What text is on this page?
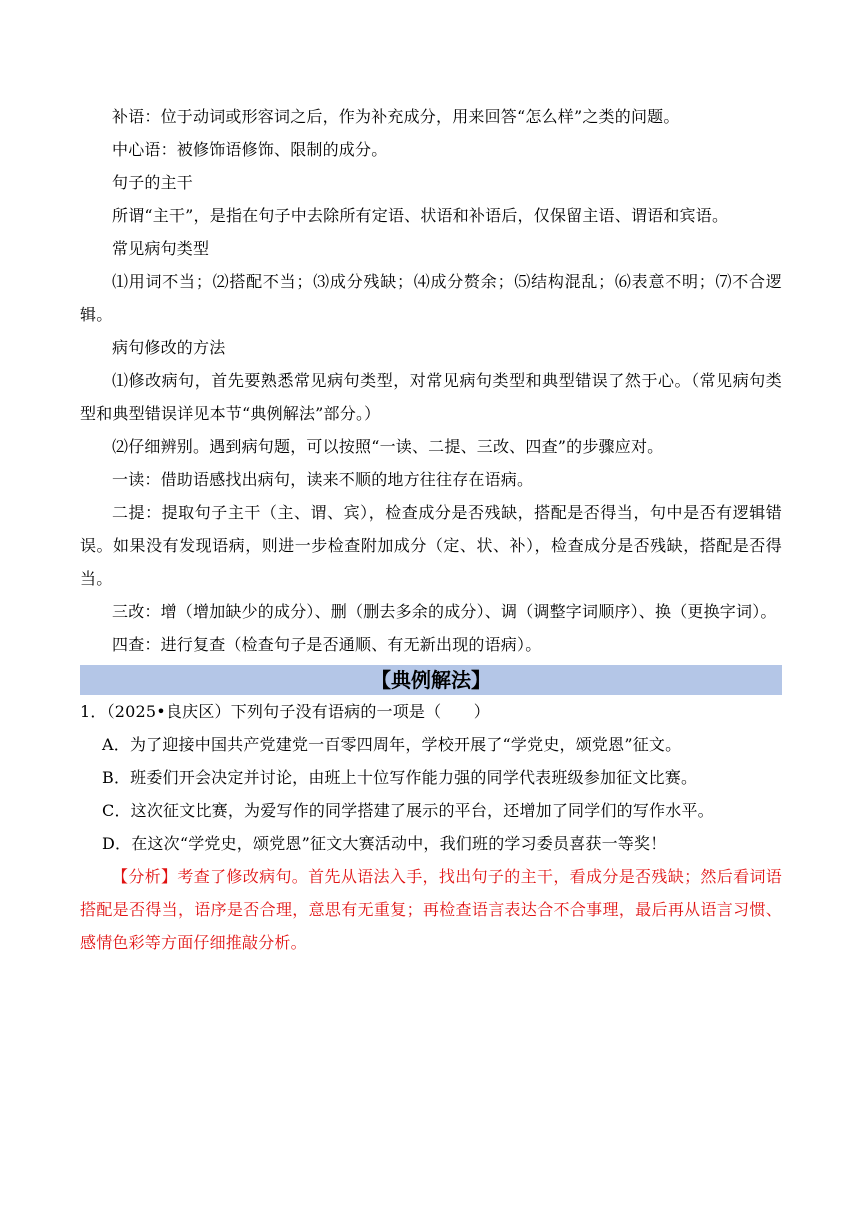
补语：位于动词或形容词之后，作为补充成分，用来回答“怎么样”之类的问题。

中心语：被修饰语修饰、限制的成分。

句子的主干

所谓“主干”，是指在句子中去除所有定语、状语和补语后，仅保留主语、谓语和宾语。

常见病句类型

⑴用词不当；⑵搭配不当；⑶成分残缺；⑷成分赘余；⑸结构混乱；⑹表意不明；⑺不合逻辑。

病句修改的方法

⑴修改病句，首先要熟悉常见病句类型，对常见病句类型和典型错误了然于心。（常见病句类型和典型错误详见本节“典例解法”部分。）

⑵仔细辨别。遇到病句题，可以按照“一读、二提、三改、四查”的步骤应对。

一读：借助语感找出病句，读来不顺的地方往往存在语病。

二提：提取句子主干（主、谓、宾），检查成分是否残缺，搭配是否得当，句中是否有逻辑错误。如果没有发现语病，则进一步检查附加成分（定、状、补），检查成分是否残缺，搭配是否得当。

三改：增（增加缺少的成分）、删（删去多余的成分）、调（调整字词顺序）、换（更换字词）。

四查：进行复查（检查句子是否通顺、有无新出现的语病）。

【典例解法】

1．（2025•良庆区）下列句子没有语病的一项是（　　）

A．为了迎接中国共产党建党一百零四周年，学校开展了“学党史，颂党恩”征文。

B．班委们开会决定并讨论，由班上十位写作能力强的同学代表班级参加征文比赛。

C．这次征文比赛，为爱写作的同学搭建了展示的平台，还增加了同学们的写作水平。

D．在这次“学党史，颂党恩”征文大赛活动中，我们班的学习委员喜获一等奖！

【分析】考查了修改病句。首先从语法入手，找出句子的主干，看成分是否残缺；然后看词语搭配是否得当，语序是否合理，意思有无重复；再检查语言表达合不合事理，最后再从语言习惯、感情色彩等方面仔细推敲分析。
